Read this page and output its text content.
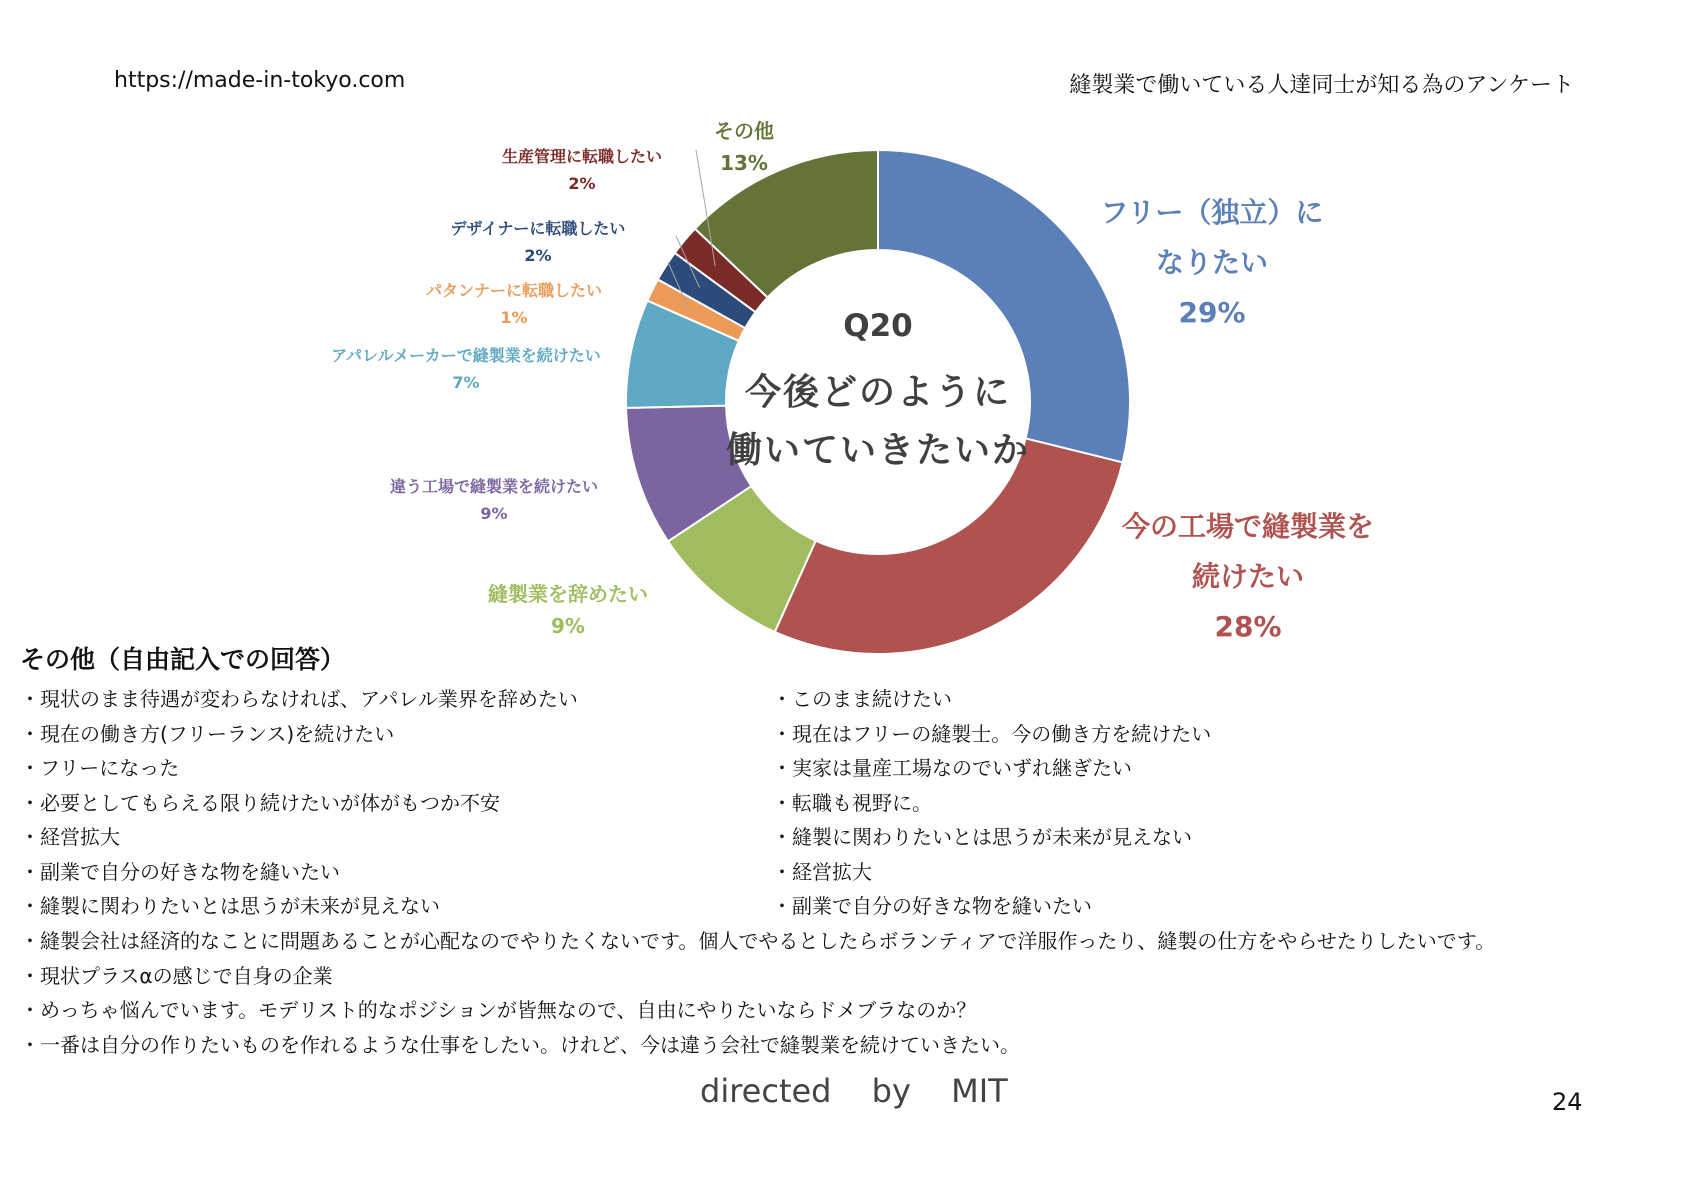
https://made-in-tokyo.com	縫製業で働いている人達同士が知る為のアンケート
Q20
今後どのように
働いていきたいか
フリー（独立）に
なりたい
29%
今の工場で縫製業を
続けたい
28%
縫製業を辞めたい
9%
違う工場で縫製業を続けたい
9%
アパレルメーカーで縫製業を続けたい
7%
パタンナーに転職したい
1%
デザイナーに転職したい
2%
生産管理に転職したい
2%
その他
13%
その他（自由記入での回答）
・現状のまま待遇が変わらなければ、アパレル業界を辞めたい
・現在の働き方(フリーランス)を続けたい
・フリーになった
・必要としてもらえる限り続けたいが体がもつか不安
・経営拡大
・副業で自分の好きな物を縫いたい
・縫製に関わりたいとは思うが未来が見えない
・このまま続けたい
・現在はフリーの縫製士。今の働き方を続けたい
・実家は量産工場なのでいずれ継ぎたい
・転職も視野に。
・縫製に関わりたいとは思うが未来が見えない
・経営拡大
・副業で自分の好きな物を縫いたい
・縫製会社は経済的なことに問題あることが心配なのでやりたくないです。個人でやるとしたらボランティアで洋服作ったり、縫製の仕方をやらせたりしたいです。
・現状プラスαの感じで自身の企業
・めっちゃ悩んでいます。モデリスト的なポジションが皆無なので、自由にやりたいならドメブラなのか？
・一番は自分の作りたいものを作れるような仕事をしたい。けれど、今は違う会社で縫製業を続けていきたい。
directed by MIT	24
